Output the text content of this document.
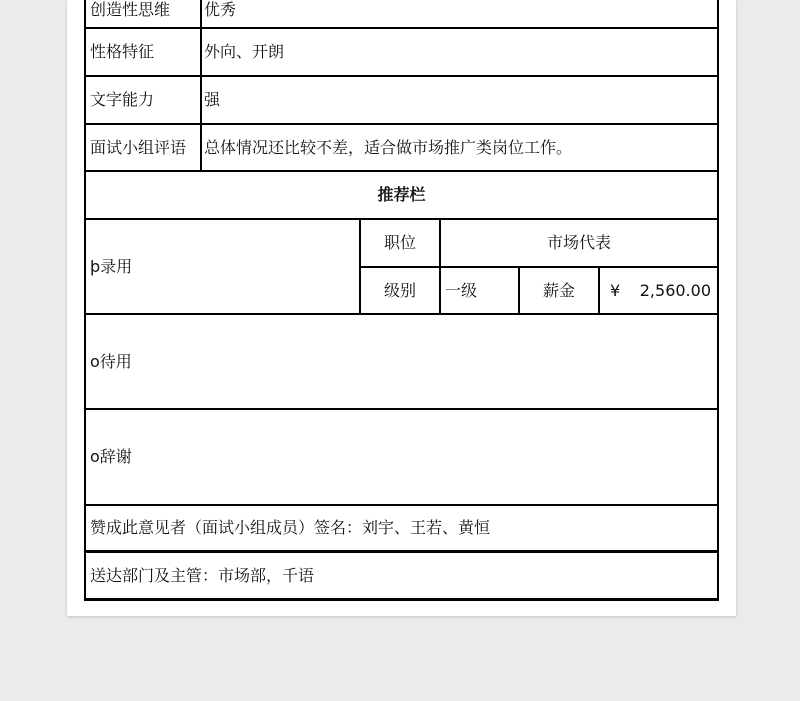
创造性思维	优秀
性格特征	外向、开朗
文字能力	强
面试小组评语	总体情况还比较不差，适合做市场推广类岗位工作。
推荐栏
þ 录用
职位	市场代表
级别	一级	薪金	¥ 2,560.00
o 待用
o 辞谢
赞成此意见者（面试小组成员）签名：刘宇、王若、黄恒
送达部门及主管：市场部，千语
